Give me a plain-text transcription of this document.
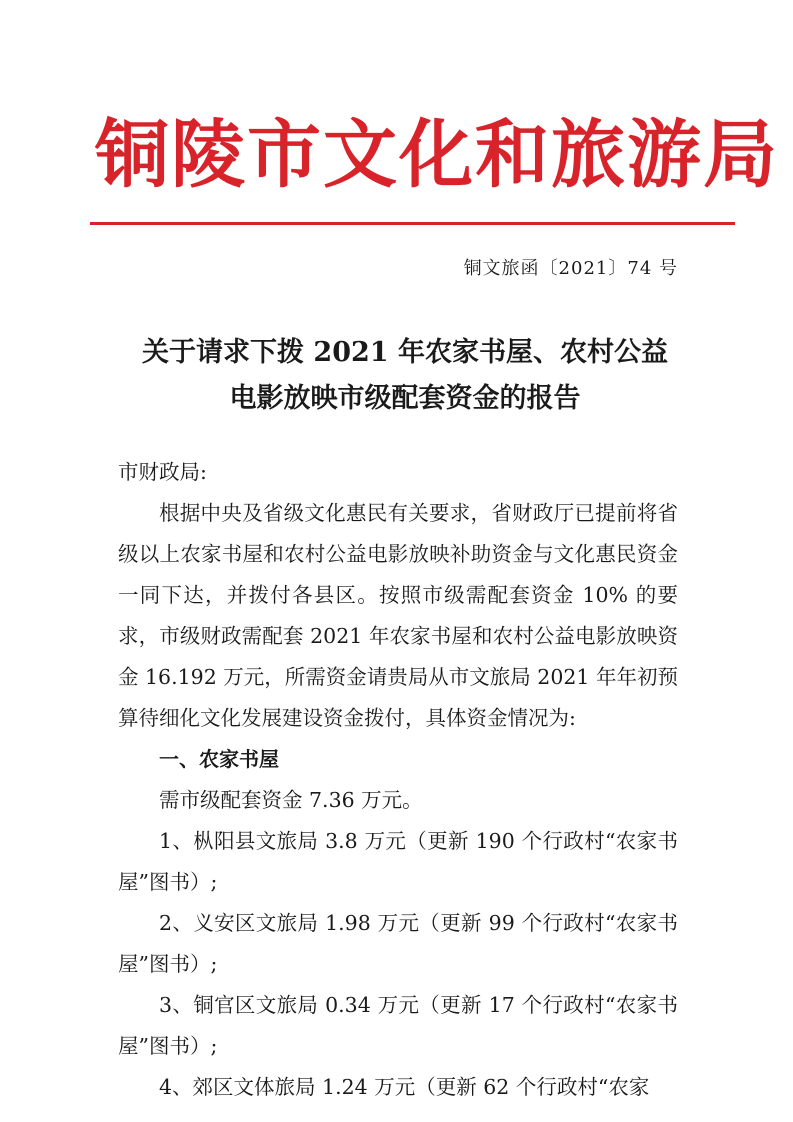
铜陵市文化和旅游局
铜文旅函〔2021〕74 号
关于请求下拨 2021 年农家书屋、农村公益
电影放映市级配套资金的报告

市财政局:

根据中央及省级文化惠民有关要求，省财政厅已提前将省级以上农家书屋和农村公益电影放映补助资金与文化惠民资金一同下达，并拨付各县区。按照市级需配套资金 10% 的要求，市级财政需配套 2021 年农家书屋和农村公益电影放映资金 16.192 万元，所需资金请贵局从市文旅局 2021 年年初预算待细化文化发展建设资金拨付，具体资金情况为:

一、农家书屋

需市级配套资金 7.36 万元。

1、枞阳县文旅局 3.8 万元（更新 190 个行政村“农家书屋”图书）;

2、义安区文旅局 1.98 万元（更新 99 个行政村“农家书屋”图书）;

3、铜官区文旅局 0.34 万元（更新 17 个行政村“农家书屋”图书）;

4、郊区文体旅局 1.24 万元（更新 62 个行政村“农家
